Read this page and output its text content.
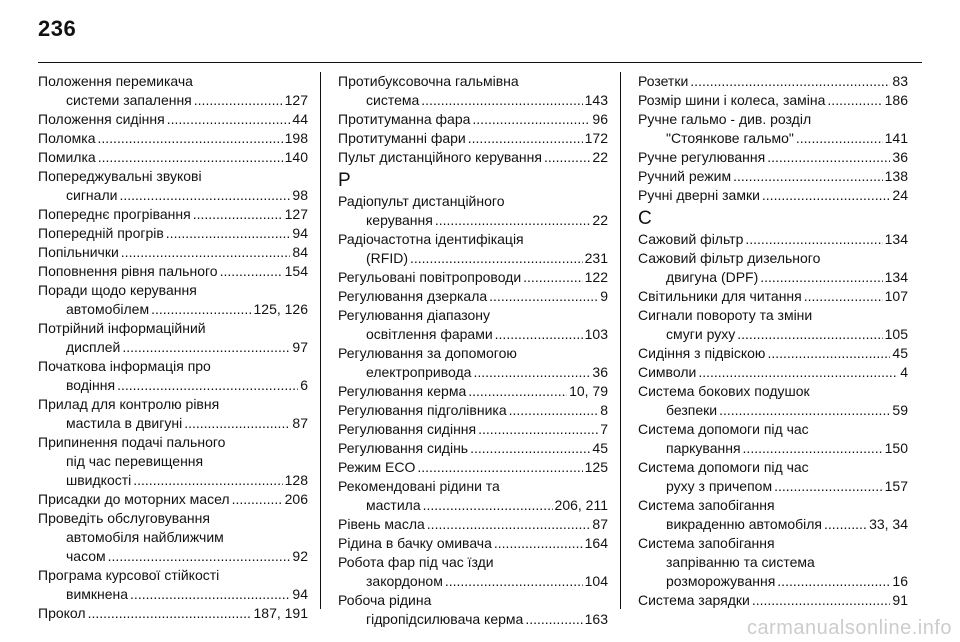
236
Положення перемикача
системи запалення .....	127
Положення сидіння .....	44
Поломка .....	198
Помилка .....	140
Попереджувальні звукові
сигнали .....	98
Попереднє прогрівання .....	127
Попередній прогрів .....	94
Попільнички .....	84
Поповнення рівня пального .....	154
Поради щодо керування
автомобілем .....	125, 126
Потрійний інформаційний
дисплей .....	97
Початкова інформація про
водіння .....	6
Прилад для контролю рівня
мастила в двигуні .....	87
Припинення подачі пального
під час перевищення
швидкості .....	128
Присадки до моторних масел .....	206
Проведіть обслуговування
автомобіля найближчим
часом .....	92
Програма курсової стійкості
вимкнена .....	94
Прокол .....	187, 191
Протибуксовочна гальмівна
система .....	143
Протитуманна фара .....	96
Протитуманні фари .....	172
Пульт дистанційного керування .....	22
Р
Радіопульт дистанційного
керування .....	22
Радіочастотна ідентифікація
(RFID) .....	231
Регульовані повітропроводи .....	122
Регулювання дзеркала .....	9
Регулювання діапазону
освітлення фарами .....	103
Регулювання за допомогою
електропривода .....	36
Регулювання керма .....	10, 79
Регулювання підголівника .....	8
Регулювання сидіння .....	7
Регулювання сидінь .....	45
Режим ECO .....	125
Рекомендовані рідини та
мастила .....	206, 211
Рівень масла .....	87
Рідина в бачку омивача .....	164
Робота фар під час їзди
закордоном .....	104
Робоча рідина
гідропідсилювача керма .....	163
Розетки .....	83
Розмір шини і колеса, заміна .....	186
Ручне гальмо - див. розділ
"Стоянкове гальмо" .....	141
Ручне регулювання .....	36
Ручний режим .....	138
Ручні дверні замки .....	24
С
Сажовий фільтр .....	134
Сажовий фільтр дизельного
двигуна (DPF) .....	134
Світильники для читання .....	107
Сигнали повороту та зміни
смуги руху .....	105
Сидіння з підвіскою .....	45
Символи .....	4
Система бокових подушок
безпеки .....	59
Система допомоги під час
паркування .....	150
Система допомоги під час
руху з причепом .....	157
Система запобігання
викраденню автомобіля .....	33, 34
Система запобігання
запріванню та система
розморожування .....	16
Система зарядки .....	91
carmanualsonline.info
